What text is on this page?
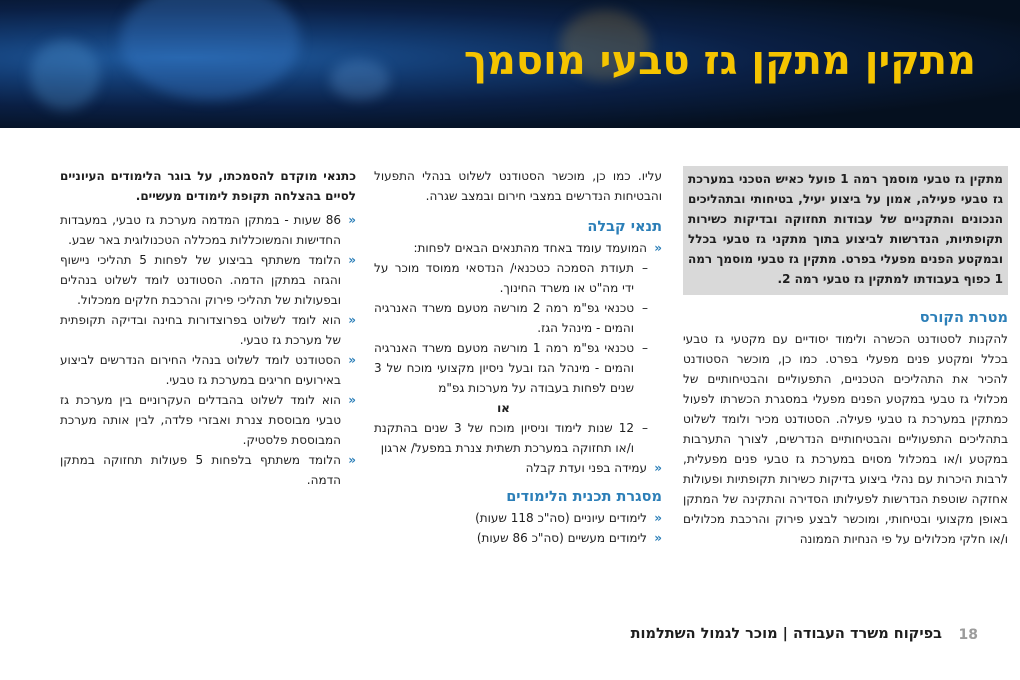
מתקין מתקן גז טבעי מוסמך
מתקין גז טבעי מוסמך רמה 1 פועל כאיש הטכני במערכת גז טבעי פעילה, אמון על ביצוע יעיל, בטיחותי ובתהליכים הנכונים והתקניים של עבודות תחזוקה ובדיקות כשירות תקופתיות, הנדרשות לביצוע בתוך מתקני גז טבעי בכלל ובמקטע הפנים מפעלי בפרט. מתקין גז טבעי מוסמך רמה 1 כפוף בעבודתו למתקין גז טבעי רמה 2.
מטרת הקורס

להקנות לסטודנט הכשרה ולימוד יסודיים עם מקטעי גז טבעי בכלל ומקטע פנים מפעלי בפרט. כמו כן, מוכשר הסטודנט להכיר את התהליכים הטכניים, התפעוליים והבטיחותיים של מכלולי גז טבעי במקטע הפנים מפעלי במסגרת הכשרתו לפעול כמתקין במערכת גז טבעי פעילה. הסטודנט מכיר ולומד לשלוט בתהליכים התפעוליים והבטיחותיים הנדרשים, לצורך התערבות במקטע ו/או במכלול מסוים במערכת גז טבעי פנים מפעלית, לרבות היכרות עם נהלי ביצוע בדיקות כשירות תקופתיות ופעולות אחזקה שוטפת הנדרשות לפעילותו הסדירה והתקינה של המתקן באופן מקצועי ובטיחותי, ומוכשר לבצע פירוק והרכבת מכלולים ו/או חלקי מכלולים על פי הנחיות הממונה

עליו. כמו כן, מוכשר הסטודנט לשלוט בנהלי התפעול והבטיחות הנדרשים במצבי חירום ובמצב שגרה.

תנאי קבלה
«
המועמד עומד באחד מהתנאים הבאים לפחות:
–
תעודת הסמכה כטכנאי/ הנדסאי ממוסד מוכר על ידי מה"ט או משרד החינוך.
–
טכנאי גפ"מ רמה 2 מורשה מטעם משרד האנרגיה והמים - מינהל הגז.
–
טכנאי גפ"מ רמה 1 מורשה מטעם משרד האנרגיה והמים - מינהל הגז ובעל ניסיון מקצועי מוכח של 3 שנים לפחות בעבודה על מערכות גפ"מ

או

–
12 שנות לימוד וניסיון מוכח של 3 שנים בהתקנת ו/או תחזוקה במערכת תשתית צנרת במפעל/ ארגון
«
עמידה בפני ועדת קבלה
מסגרת תכנית הלימודים
«
לימודים עיוניים (סה"כ 118 שעות)
«
לימודים מעשיים (סה"כ 86 שעות)

כתנאי מוקדם להסמכתו, על בוגר הלימודים העיוניים לסיים בהצלחה תקופת לימודים מעשיים.

«
86 שעות - במתקן המדמה מערכת גז טבעי, במעבדות החדישות והמשוכללות במכללה הטכנולוגית באר שבע.
«
הלומד משתתף בביצוע של לפחות 5 תהליכי ניישוף והגזה במתקן הדמה. הסטודנט לומד לשלוט בנהלים ובפעולות של תהליכי פירוק והרכבת חלקים ממכלול.
«
הוא לומד לשלוט בפרוצדורות בחינה ובדיקה תקופתית של מערכת גז טבעי.
«
הסטודנט לומד לשלוט בנהלי החירום הנדרשים לביצוע באירועים חריגים במערכת גז טבעי.
«
הוא לומד לשלוט בהבדלים העקרוניים בין מערכת גז טבעי מבוססת צנרת ואבזרי פלדה, לבין אותה מערכת המבוססת פלסטיק.
«
הלומד משתתף בלפחות 5 פעולות תחזוקה במתקן הדמה.
בפיקוח משרד העבודה | מוכר לגמול השתלמות 18
